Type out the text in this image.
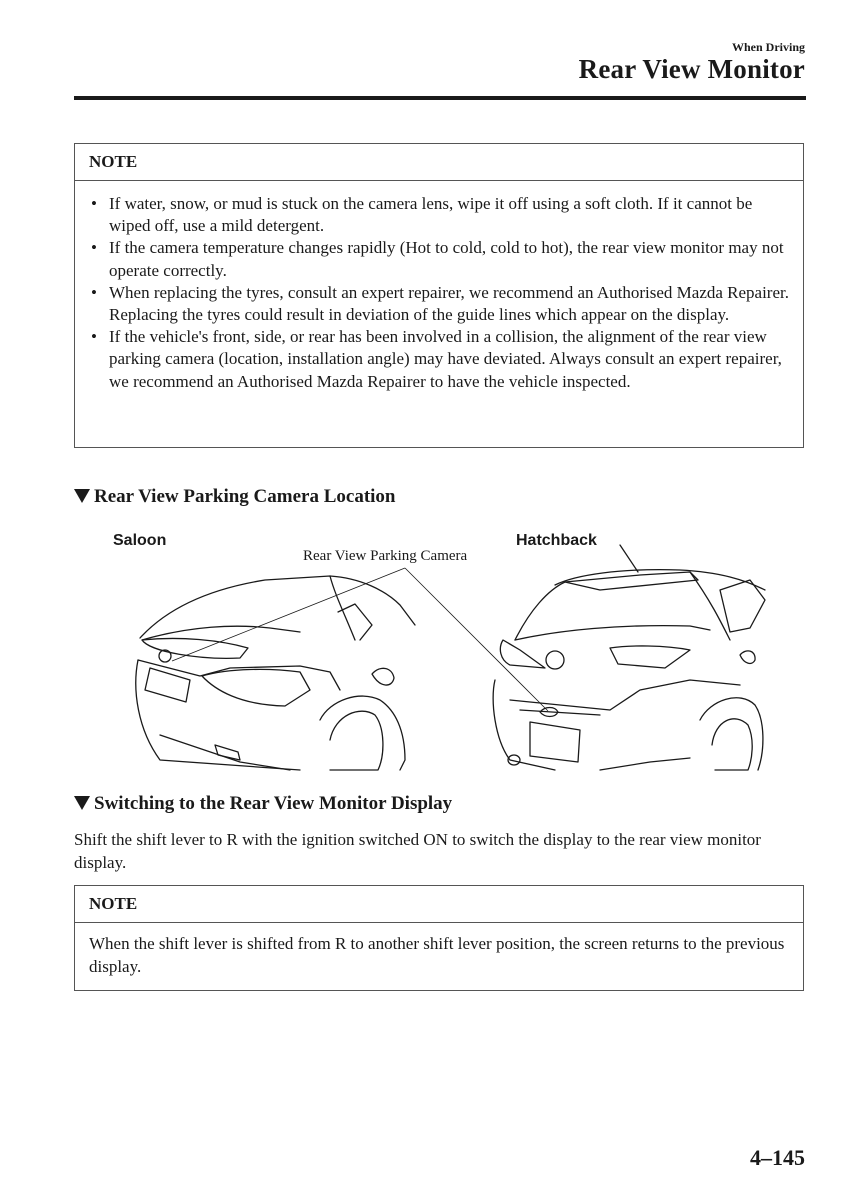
When Driving
Rear View Monitor
NOTE
• If water, snow, or mud is stuck on the camera lens, wipe it off using a soft cloth. If it cannot be wiped off, use a mild detergent.
• If the camera temperature changes rapidly (Hot to cold, cold to hot), the rear view monitor may not operate correctly.
• When replacing the tyres, consult an expert repairer, we recommend an Authorised Mazda Repairer. Replacing the tyres could result in deviation of the guide lines which appear on the display.
• If the vehicle's front, side, or rear has been involved in a collision, the alignment of the rear view parking camera (location, installation angle) may have deviated. Always consult an expert repairer, we recommend an Authorised Mazda Repairer to have the vehicle inspected.
Rear View Parking Camera Location
Saloon	Hatchback
Rear View Parking Camera
Switching to the Rear View Monitor Display
Shift the shift lever to R with the ignition switched ON to switch the display to the rear view monitor display.
NOTE
When the shift lever is shifted from R to another shift lever position, the screen returns to the previous display.
4–145
